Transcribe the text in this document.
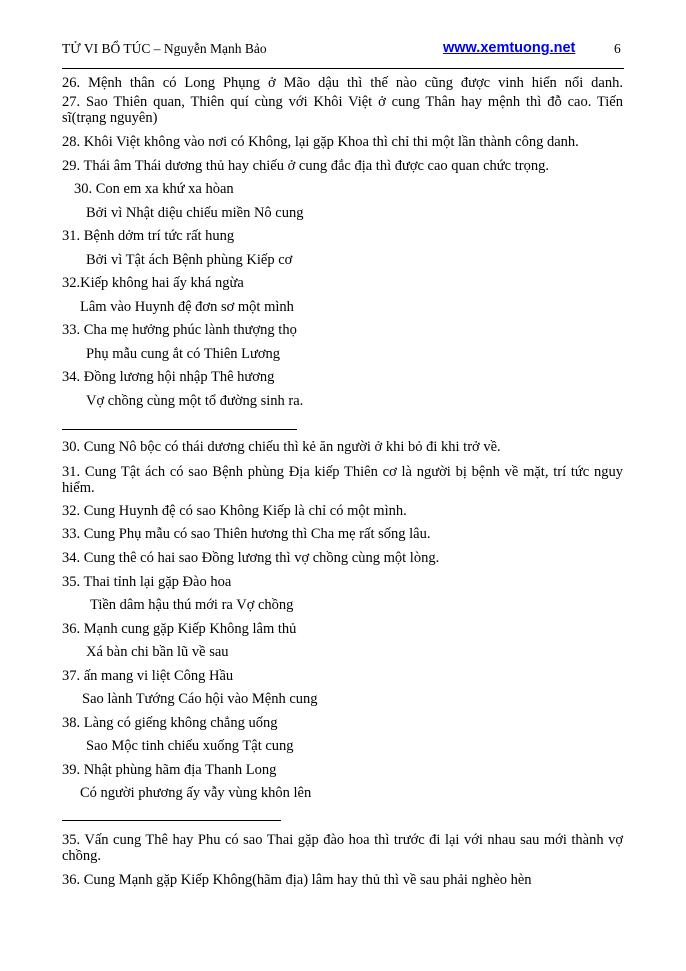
TỬ VI BỔ TÚC – Nguyễn Mạnh Bảo	www.xemtuong.net	6
26. Mệnh thân có Long Phụng ở Mão dậu thì thế nào cũng được vinh hiển nổi danh.
27. Sao Thiên quan, Thiên quí cùng với Khôi Việt ở cung Thân hay mệnh thì đỗ cao. Tiến
sĩ(trạng nguyên)
28. Khôi Việt không vào nơi có Không, lại gặp Khoa thì chỉ thi một lần thành công danh.
29. Thái âm Thái dương thủ hay chiếu ở cung đắc địa thì được cao quan chức trọng.
30. Con em xa khứ xa hòan
Bởi vì Nhật diệu chiếu miền Nô cung
31. Bệnh dởm trí tức rất hung
Bởi vì Tật ách Bệnh phùng Kiếp cơ
32.Kiếp không hai ấy khá ngừa
Lâm vào Huynh đệ đơn sơ một mình
33. Cha mẹ hưởng phúc lành thượng thọ
Phụ mẫu cung ắt có Thiên Lương
34. Đồng lương hội nhập Thê hương
Vợ chồng cùng một tổ đường sinh ra.
30. Cung Nô bộc có thái dương chiếu thì kẻ ăn người ở khi bỏ đi khi trở về.
31. Cung Tật ách có sao Bệnh phùng Địa kiếp Thiên cơ là người bị bệnh về mặt, trí tức nguy
hiểm.
32. Cung Huynh đệ có sao Không Kiếp là chỉ có một mình.
33. Cung Phụ mẫu có sao Thiên hương thì Cha mẹ rất sống lâu.
34. Cung thê có hai sao Đồng lương thì vợ chồng cùng một lòng.
35. Thai tỉnh lại gặp Đào hoa
Tiền dâm hậu thú mới ra Vợ chồng
36. Mạnh cung gặp Kiếp Không lâm thủ
Xá bàn chi bần lũ về sau
37. ấn mang vi liệt Công Hầu
Sao lành Tướng Cáo hội vào Mệnh cung
38. Làng có giếng không chẳng uống
Sao Mộc tinh chiếu xuống Tật cung
39. Nhật phùng hãm địa Thanh Long
Có người phương ấy vẫy vùng khôn lên
35. Vấn cung Thê hay Phu có sao Thai gặp đào hoa thì trước đi lại với nhau sau mới thành vợ
chồng.
36. Cung Mạnh gặp Kiếp Không(hãm địa) lâm hay thủ thì về sau phải nghèo hèn
